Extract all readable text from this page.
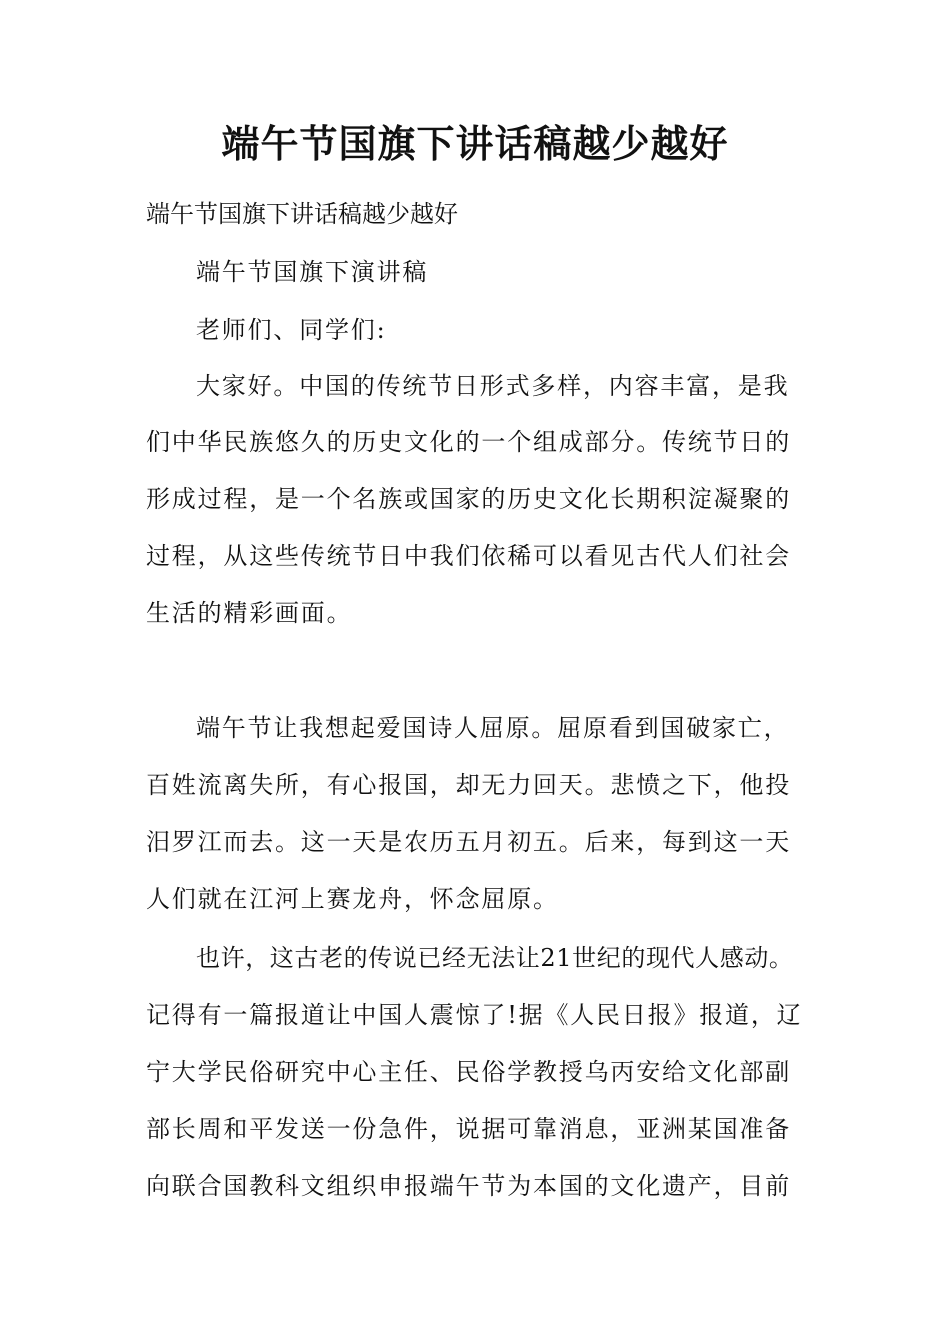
端午节国旗下讲话稿越少越好
端午节国旗下讲话稿越少越好
端午节国旗下演讲稿
老师们、同学们:
大家好。中国的传统节日形式多样，内容丰富，是我
们中华民族悠久的历史文化的一个组成部分。传统节日的
形成过程，是一个名族或国家的历史文化长期积淀凝聚的
过程，从这些传统节日中我们依稀可以看见古代人们社会
生活的精彩画面。
端午节让我想起爱国诗人屈原。屈原看到国破家亡，
百姓流离失所，有心报国，却无力回天。悲愤之下，他投
汨罗江而去。这一天是农历五月初五。后来，每到这一天
人们就在江河上赛龙舟，怀念屈原。
也许，这古老的传说已经无法让21世纪的现代人感动。
记得有一篇报道让中国人震惊了!据《人民日报》报道，辽
宁大学民俗研究中心主任、民俗学教授乌丙安给文化部副
部长周和平发送一份急件，说据可靠消息，亚洲某国准备
向联合国教科文组织申报端午节为本国的文化遗产，目前
